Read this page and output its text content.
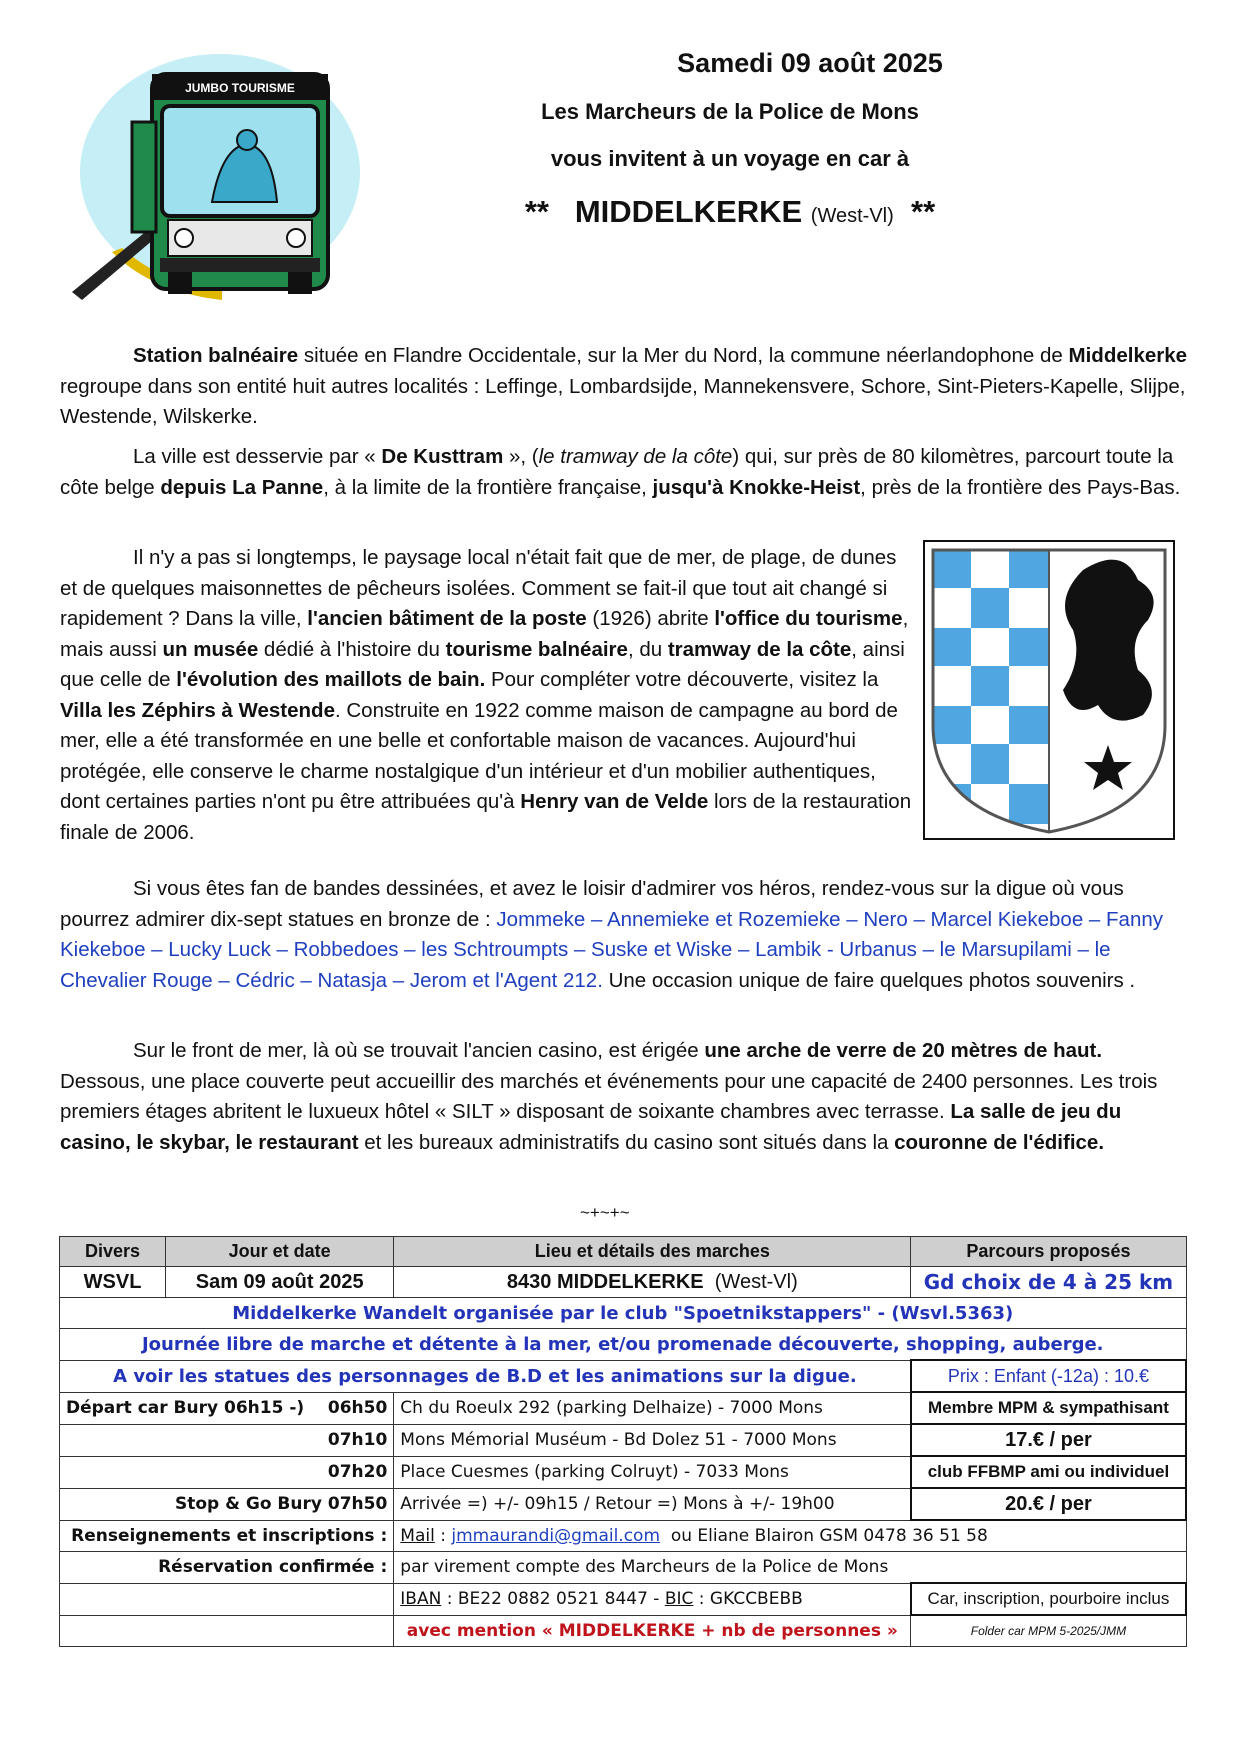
JUMBO TOURISME
Samedi 09 août 2025
Les Marcheurs de la Police de Mons
vous invitent à un voyage en car à
** MIDDELKERKE (West-Vl) **

Station balnéaire située en Flandre Occidentale, sur la Mer du Nord, la commune néerlandophone de Middelkerke regroupe dans son entité huit autres localités : Leffinge, Lombardsijde, Mannekensvere, Schore, Sint-Pieters-Kapelle, Slijpe, Westende, Wilskerke.

La ville est desservie par « De Kusttram », (le tramway de la côte) qui, sur près de 80 kilomètres, parcourt toute la côte belge depuis La Panne, à la limite de la frontière française, jusqu'à Knokke-Heist, près de la frontière des Pays-Bas.

Il n'y a pas si longtemps, le paysage local n'était fait que de mer, de plage, de dunes et de quelques maisonnettes de pêcheurs isolées. Comment se fait-il que tout ait changé si rapidement ? Dans la ville, l'ancien bâtiment de la poste (1926) abrite l'office du tourisme, mais aussi un musée dédié à l'histoire du tourisme balnéaire, du tramway de la côte, ainsi que celle de l'évolution des maillots de bain. Pour compléter votre découverte, visitez la Villa les Zéphirs à Westende. Construite en 1922 comme maison de campagne au bord de mer, elle a été transformée en une belle et confortable maison de vacances. Aujourd'hui protégée, elle conserve le charme nostalgique d'un intérieur et d'un mobilier authentiques, dont certaines parties n'ont pu être attribuées qu'à Henry van de Velde lors de la restauration finale de 2006.

Si vous êtes fan de bandes dessinées, et avez le loisir d'admirer vos héros, rendez-vous sur la digue où vous pourrez admirer dix-sept statues en bronze de : Jommeke – Annemieke et Rozemieke – Nero – Marcel Kiekeboe – Fanny Kiekeboe – Lucky Luck – Robbedoes – les Schtroumpts – Suske et Wiske – Lambik - Urbanus – le Marsupilami – le Chevalier Rouge – Cédric – Natasja – Jerom et l'Agent 212. Une occasion unique de faire quelques photos souvenirs .

Sur le front de mer, là où se trouvait l'ancien casino, est érigée une arche de verre de 20 mètres de haut. Dessous, une place couverte peut accueillir des marchés et événements pour une capacité de 2400 personnes. Les trois premiers étages abritent le luxueux hôtel « SILT » disposant de soixante chambres avec terrasse. La salle de jeu du casino, le skybar, le restaurant et les bureaux administratifs du casino sont situés dans la couronne de l'édifice.

~+~+~
Divers	Jour et date	Lieu et détails des marches	Parcours proposés
WSVL	Sam 09 août 2025	8430 MIDDELKERKE (West-Vl)	Gd choix de 4 à 25 km
Middelkerke Wandelt organisée par le club "Spoetnikstappers" - (Wsvl.5363)			
Journée libre de marche et détente à la mer, et/ou promenade découverte, shopping, auberge.			
A voir les statues des personnages de B.D et les animations sur la digue.			Prix : Enfant (-12a) : 10.€
Départ car Bury 06h15 -) 06h50		Ch du Roeulx 292 (parking Delhaize) - 7000 Mons	Membre MPM & sympathisant
07h10		Mons Mémorial Muséum - Bd Dolez 51 - 7000 Mons	17.€ / per
07h20		Place Cuesmes (parking Colruyt) - 7033 Mons	club FFBMP ami ou individuel
Stop & Go Bury 07h50		Arrivée =) +/- 09h15 / Retour =) Mons à +/- 19h00	20.€ / per
Renseignements et inscriptions :		Mail : jmmaurandi@gmail.com ou Eliane Blairon GSM 0478 36 51 58	
Réservation confirmée :		par virement compte des Marcheurs de la Police de Mons	
		IBAN : BE22 0882 0521 8447 - BIC : GKCCBEBB	Car, inscription, pourboire inclus
		avec mention « MIDDELKERKE + nb de personnes »	Folder car MPM 5-2025/JMM
